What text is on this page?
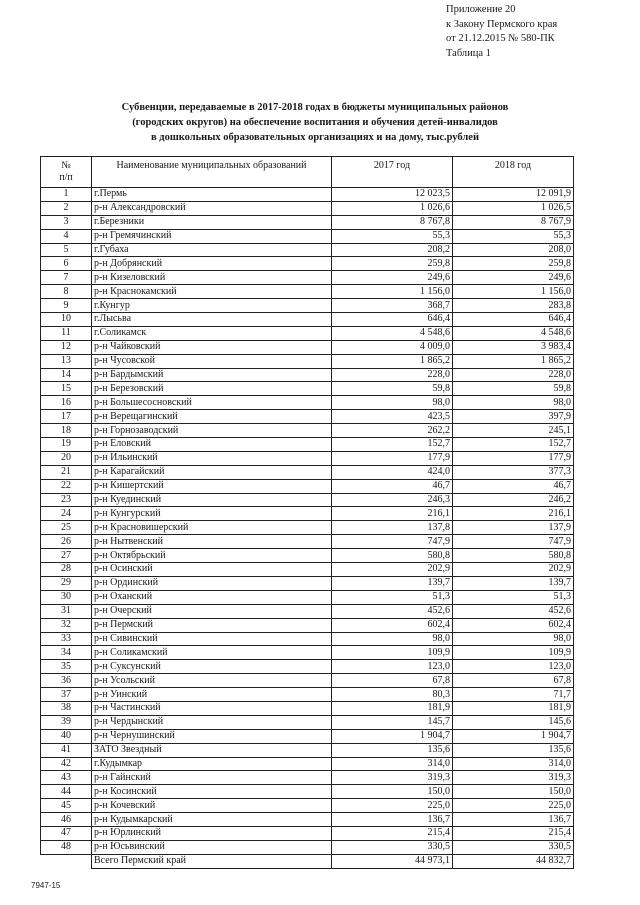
Приложение 20
к Закону Пермского края
от 21.12.2015 № 580-ПК
Таблица 1
Субвенции, передаваемые в 2017-2018 годах в бюджеты муниципальных районов
(городских округов) на обеспечение воспитания и обучения детей-инвалидов
в дошкольных образовательных организациях и на дому, тыс.рублей
№
п/п	Наименование муниципальных образований	2017 год	2018 год
1	г.Пермь	12 023,5	12 091,9
2	р-н Александровский	1 026,6	1 026,5
3	г.Березники	8 767,8	8 767,9
4	р-н Гремячинский	55,3	55,3
5	г.Губаха	208,2	208,0
6	р-н Добрянский	259,8	259,8
7	р-н Кизеловский	249,6	249,6
8	р-н Краснокамский	1 156,0	1 156,0
9	г.Кунгур	368,7	283,8
10	г.Лысьва	646,4	646,4
11	г.Соликамск	4 548,6	4 548,6
12	р-н Чайковский	4 009,0	3 983,4
13	р-н Чусовской	1 865,2	1 865,2
14	р-н Бардымский	228,0	228,0
15	р-н Березовский	59,8	59,8
16	р-н Большесосновский	98,0	98,0
17	р-н Верещагинский	423,5	397,9
18	р-н Горнозаводский	262,2	245,1
19	р-н Еловский	152,7	152,7
20	р-н Ильинский	177,9	177,9
21	р-н Карагайский	424,0	377,3
22	р-н Кишертский	46,7	46,7
23	р-н Куединский	246,3	246,2
24	р-н Кунгурский	216,1	216,1
25	р-н Красновишерский	137,8	137,9
26	р-н Нытвенский	747,9	747,9
27	р-н Октябрьский	580,8	580,8
28	р-н Осинский	202,9	202,9
29	р-н Ординский	139,7	139,7
30	р-н Оханский	51,3	51,3
31	р-н Очерский	452,6	452,6
32	р-н Пермский	602,4	602,4
33	р-н Сивинский	98,0	98,0
34	р-н Соликамский	109,9	109,9
35	р-н Суксунский	123,0	123,0
36	р-н Усольский	67,8	67,8
37	р-н Уинский	80,3	71,7
38	р-н Частинский	181,9	181,9
39	р-н Чердынский	145,7	145,6
40	р-н Чернушинский	1 904,7	1 904,7
41	ЗАТО Звездный	135,6	135,6
42	г.Кудымкар	314,0	314,0
43	р-н Гайнский	319,3	319,3
44	р-н Косинский	150,0	150,0
45	р-н Кочевский	225,0	225,0
46	р-н Кудымкарский	136,7	136,7
47	р-н Юрлинский	215,4	215,4
48	р-н Юсьвинский	330,5	330,5
	Всего Пермский край	44 973,1	44 832,7
7947-15
